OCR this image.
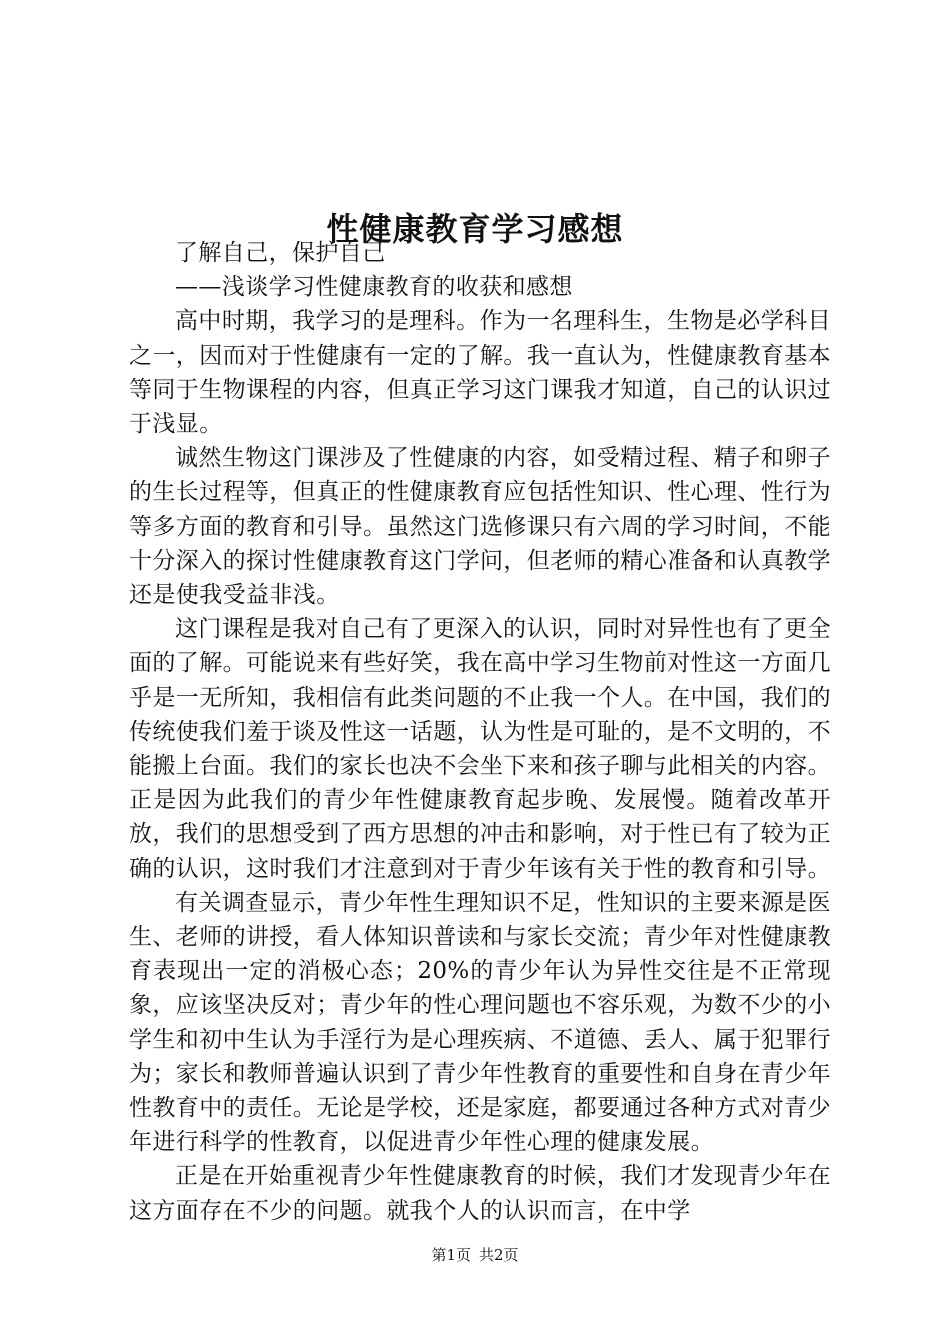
性健康教育学习感想

了解自己，保护自己

——浅谈学习性健康教育的收获和感想

高中时期，我学习的是理科。作为一名理科生，生物是必学科目之一，因而对于性健康有一定的了解。我一直认为，性健康教育基本等同于生物课程的内容，但真正学习这门课我才知道，自己的认识过于浅显。

诚然生物这门课涉及了性健康的内容，如受精过程、精子和卵子的生长过程等，但真正的性健康教育应包括性知识、性心理、性行为等多方面的教育和引导。虽然这门选修课只有六周的学习时间，不能十分深入的探讨性健康教育这门学问，但老师的精心准备和认真教学还是使我受益非浅。

这门课程是我对自己有了更深入的认识，同时对异性也有了更全面的了解。可能说来有些好笑，我在高中学习生物前对性这一方面几乎是一无所知，我相信有此类问题的不止我一个人。在中国，我们的传统使我们羞于谈及性这一话题，认为性是可耻的，是不文明的，不能搬上台面。我们的家长也决不会坐下来和孩子聊与此相关的内容。正是因为此我们的青少年性健康教育起步晚、发展慢。随着改革开放，我们的思想受到了西方思想的冲击和影响，对于性已有了较为正确的认识，这时我们才注意到对于青少年该有关于性的教育和引导。

有关调查显示，青少年性生理知识不足，性知识的主要来源是医生、老师的讲授，看人体知识普读和与家长交流；青少年对性健康教育表现出一定的消极心态；20%的青少年认为异性交往是不正常现象，应该坚决反对；青少年的性心理问题也不容乐观，为数不少的小学生和初中生认为手淫行为是心理疾病、不道德、丢人、属于犯罪行为；家长和教师普遍认识到了青少年性教育的重要性和自身在青少年性教育中的责任。无论是学校，还是家庭，都要通过各种方式对青少年进行科学的性教育，以促进青少年性心理的健康发展。

正是在开始重视青少年性健康教育的时候，我们才发现青少年在这方面存在不少的问题。就我个人的认识而言，在中学

第1页 共2页
